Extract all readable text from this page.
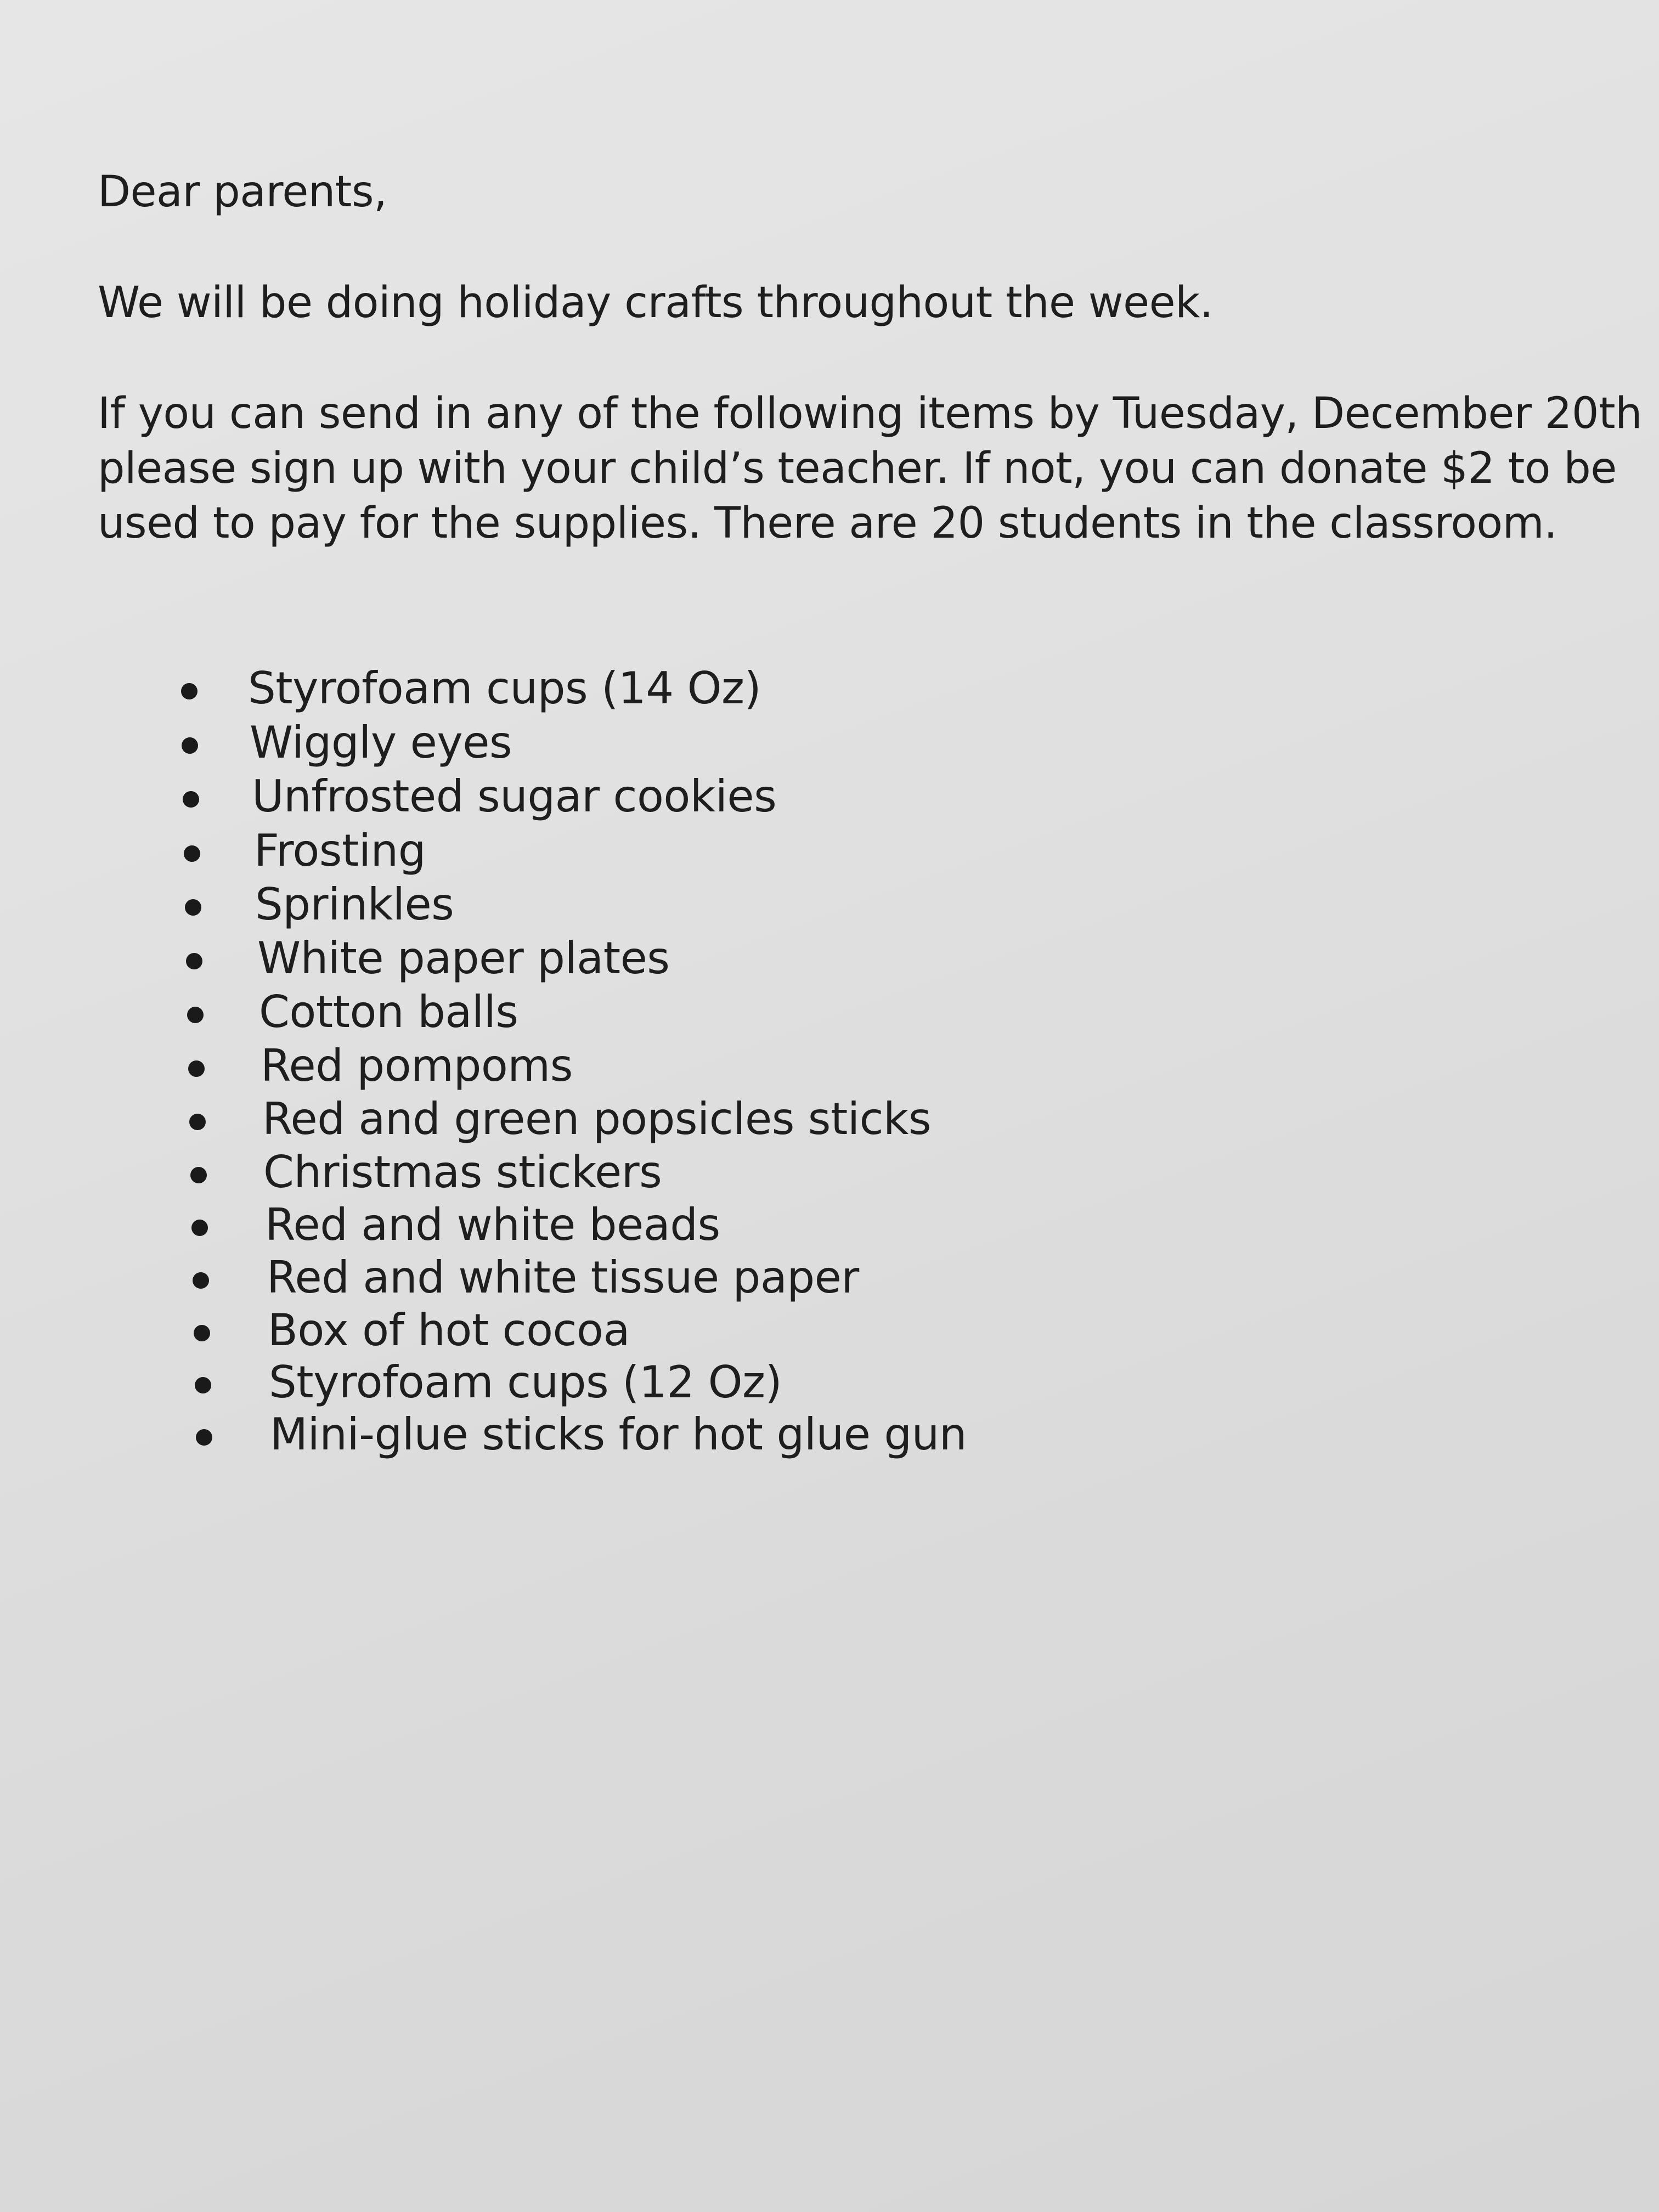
Dear parents,

We will be doing holiday crafts throughout the week.

If you can send in any of the following items by Tuesday, December 20th
please sign up with your child’s teacher. If not, you can donate $2 to be
used to pay for the supplies. There are 20 students in the classroom.

Styrofoam cups (14 Oz)
Wiggly eyes
Unfrosted sugar cookies
Frosting
Sprinkles
White paper plates
Cotton balls
Red pompoms
Red and green popsicles sticks
Christmas stickers
Red and white beads
Red and white tissue paper
Box of hot cocoa
Styrofoam cups (12 Oz)
Mini-glue sticks for hot glue gun
